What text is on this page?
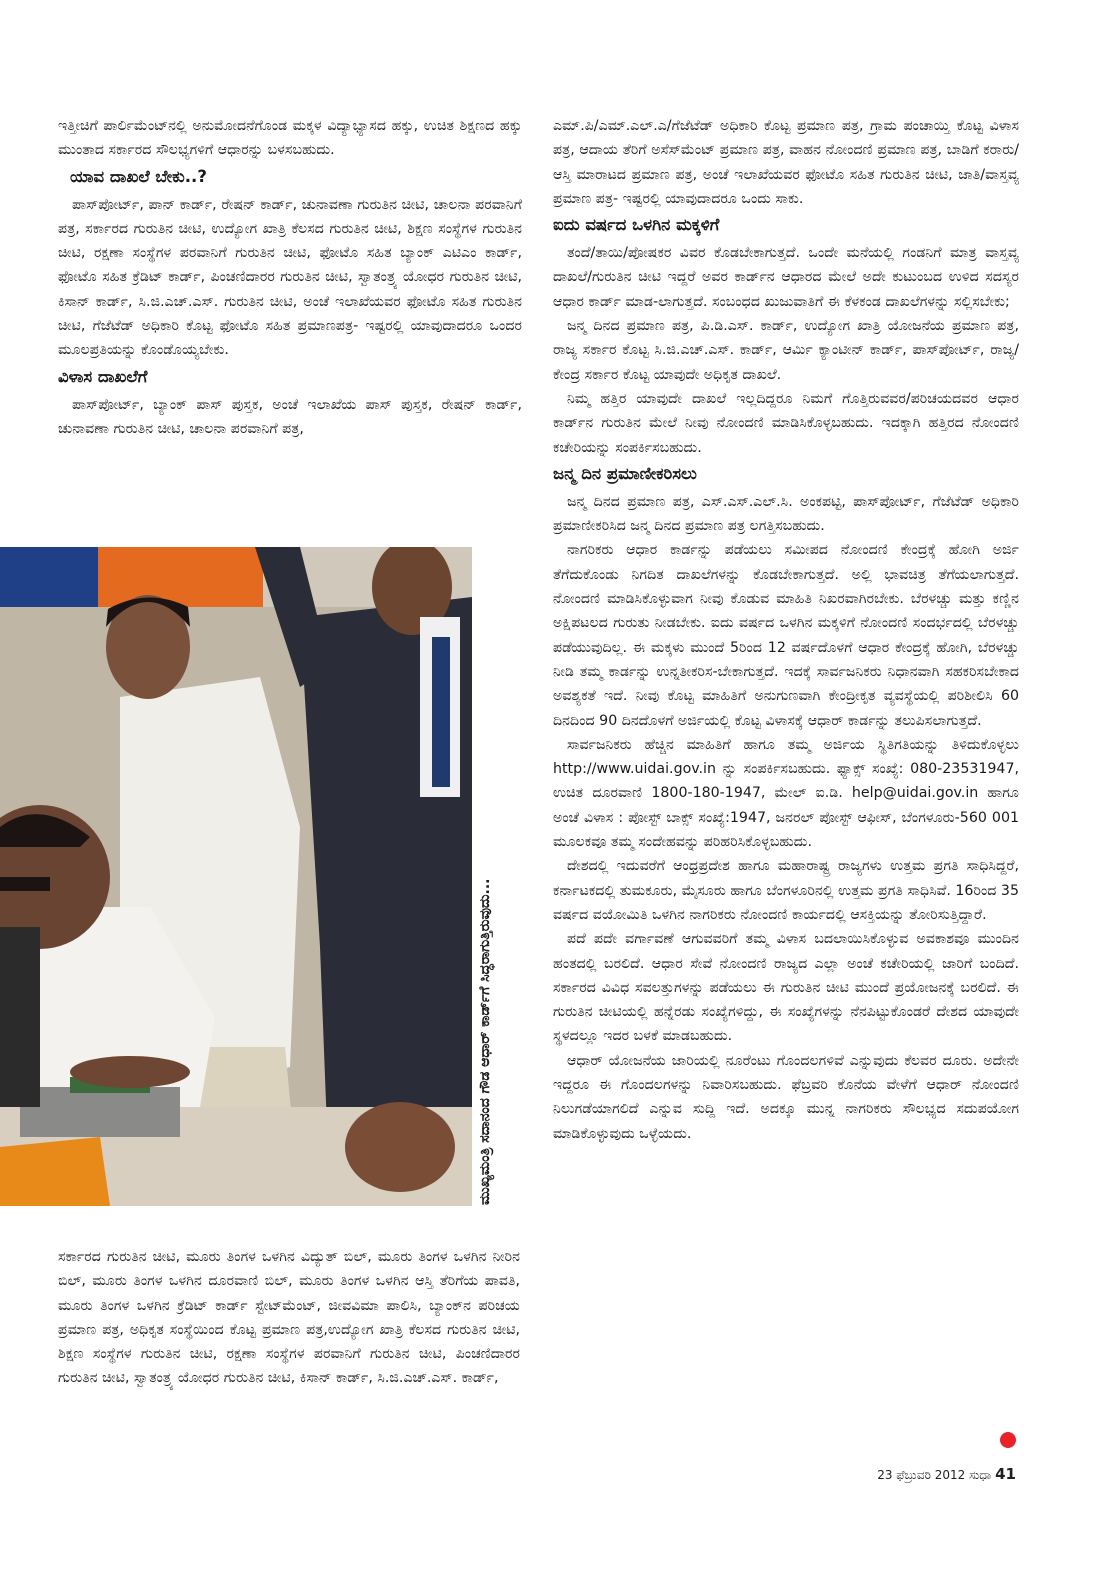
ಇತ್ತೀಚಿಗೆ ಪಾರ್ಲಿಮೆಂಟ್‌ನಲ್ಲಿ ಅನುಮೋದನೆಗೊಂಡ ಮಕ್ಕಳ ವಿದ್ಯಾಭ್ಯಾಸದ ಹಕ್ಕು, ಉಚಿತ ಶಿಕ್ಷಣದ ಹಕ್ಕು ಮುಂತಾದ ಸರ್ಕಾರದ ಸೌಲಭ್ಯಗಳಿಗೆ ಆಧಾರನ್ನು ಬಳಸಬಹುದು.

ಯಾವ ದಾಖಲೆ ಬೇಕು..?

ಪಾಸ್‌ಪೋರ್ಟ್, ಪಾನ್ ಕಾರ್ಡ್, ರೇಷನ್ ಕಾರ್ಡ್, ಚುನಾವಣಾ ಗುರುತಿನ ಚೀಟಿ, ಚಾಲನಾ ಪರವಾನಿಗೆ ಪತ್ರ, ಸರ್ಕಾರದ ಗುರುತಿನ ಚೀಟಿ, ಉದ್ಯೋಗ ಖಾತ್ರಿ ಕೆಲಸದ ಗುರುತಿನ ಚೀಟಿ, ಶಿಕ್ಷಣ ಸಂಸ್ಥೆಗಳ ಗುರುತಿನ ಚೀಟಿ, ರಕ್ಷಣಾ ಸಂಸ್ಥೆಗಳ ಪರವಾನಿಗೆ ಗುರುತಿನ ಚೀಟಿ, ಫೋಟೊ ಸಹಿತ ಬ್ಯಾಂಕ್ ಎಟಿಎಂ ಕಾರ್ಡ್, ಫೋಟೊ ಸಹಿತ ಕ್ರೆಡಿಟ್ ಕಾರ್ಡ್, ಪಿಂಚಣಿದಾರರ ಗುರುತಿನ ಚೀಟಿ, ಸ್ವಾತಂತ್ರ್ಯ ಯೋಧರ ಗುರುತಿನ ಚೀಟಿ, ಕಿಸಾನ್ ಕಾರ್ಡ್, ಸಿ.ಜಿ.ಎಚ್.ಎಸ್. ಗುರುತಿನ ಚೀಟಿ, ಅಂಚೆ ಇಲಾಖೆಯವರ ಫೋಟೊ ಸಹಿತ ಗುರುತಿನ ಚೀಟಿ, ಗೆಜೆಟೆಡ್ ಅಧಿಕಾರಿ ಕೊಟ್ಟ ಫೋಟೊ ಸಹಿತ ಪ್ರಮಾಣಪತ್ರ- ಇಷ್ಟರಲ್ಲಿ ಯಾವುದಾದರೂ ಒಂದರ ಮೂಲಪ್ರತಿಯನ್ನು ಕೊಂಡೊಯ್ಯಬೇಕು.

ವಿಳಾಸ ದಾಖಲೆಗೆ

ಪಾಸ್‌ಪೋರ್ಟ್, ಬ್ಯಾಂಕ್ ಪಾಸ್ ಪುಸ್ತಕ, ಅಂಚೆ ಇಲಾಖೆಯ ಪಾಸ್ ಪುಸ್ತಕ, ರೇಷನ್ ಕಾರ್ಡ್, ಚುನಾವಣಾ ಗುರುತಿನ ಚೀಟಿ, ಚಾಲನಾ ಪರವಾನಿಗೆ ಪತ್ರ,

ಮುಖ್ಯಮಂತ್ರಿ ಸದಾನಂದ ಗೌಡ ಆಧಾರ್ ಕಾರ್ಡ್‌ಗೆ ಸಿದ್ಧರಾಗುತ್ತಿರುವುದು...

ಸರ್ಕಾರದ ಗುರುತಿನ ಚೀಟಿ, ಮೂರು ತಿಂಗಳ ಒಳಗಿನ ವಿದ್ಯುತ್ ಬಿಲ್, ಮೂರು ತಿಂಗಳ ಒಳಗಿನ ನೀರಿನ ಬಿಲ್, ಮೂರು ತಿಂಗಳ ಒಳಗಿನ ದೂರವಾಣಿ ಬಿಲ್, ಮೂರು ತಿಂಗಳ ಒಳಗಿನ ಆಸ್ತಿ ತೆರಿಗೆಯ ಪಾವತಿ, ಮೂರು ತಿಂಗಳ ಒಳಗಿನ ಕ್ರೆಡಿಟ್ ಕಾರ್ಡ್ ಸ್ಟೇಟ್‌ಮೆಂಟ್, ಜೀವವಿಮಾ ಪಾಲಿಸಿ, ಬ್ಯಾಂಕ್‌ನ ಪರಿಚಯ ಪ್ರಮಾಣ ಪತ್ರ, ಅಧಿಕೃತ ಸಂಸ್ಥೆಯಿಂದ ಕೊಟ್ಟ ಪ್ರಮಾಣ ಪತ್ರ,ಉದ್ಯೋಗ ಖಾತ್ರಿ ಕೆಲಸದ ಗುರುತಿನ ಚೀಟಿ, ಶಿಕ್ಷಣ ಸಂಸ್ಥೆಗಳ ಗುರುತಿನ ಚೀಟಿ, ರಕ್ಷಣಾ ಸಂಸ್ಥೆಗಳ ಪರವಾನಿಗೆ ಗುರುತಿನ ಚೀಟಿ, ಪಿಂಚಣಿದಾರರ ಗುರುತಿನ ಚೀಟಿ, ಸ್ವಾತಂತ್ರ್ಯ ಯೋಧರ ಗುರುತಿನ ಚೀಟಿ, ಕಿಸಾನ್ ಕಾರ್ಡ್, ಸಿ.ಜಿ.ಎಚ್.ಎಸ್. ಕಾರ್ಡ್,

ಎಮ್.ಪಿ/ಎಮ್.ಎಲ್.ಎ/ಗೆಜೆಟೆಡ್ ಅಧಿಕಾರಿ ಕೊಟ್ಟ ಪ್ರಮಾಣ ಪತ್ರ, ಗ್ರಾಮ ಪಂಚಾಯ್ತಿ ಕೊಟ್ಟ ವಿಳಾಸ ಪತ್ರ, ಆದಾಯ ತೆರಿಗೆ ಅಸೆಸ್‌ಮೆಂಟ್ ಪ್ರಮಾಣ ಪತ್ರ, ವಾಹನ ನೋಂದಣಿ ಪ್ರಮಾಣ ಪತ್ರ, ಬಾಡಿಗೆ ಕರಾರು/ಆಸ್ತಿ ಮಾರಾಟದ ಪ್ರಮಾಣ ಪತ್ರ, ಅಂಚೆ ಇಲಾಖೆಯವರ ಫೋಟೊ ಸಹಿತ ಗುರುತಿನ ಚೀಟಿ, ಜಾತಿ/ವಾಸ್ತವ್ಯ ಪ್ರಮಾಣ ಪತ್ರ- ಇಷ್ಟರಲ್ಲಿ ಯಾವುದಾದರೂ ಒಂದು ಸಾಕು.

ಐದು ವರ್ಷದ ಒಳಗಿನ ಮಕ್ಕಳಿಗೆ

ತಂದೆ/ತಾಯಿ/ಪೋಷಕರ ವಿವರ ಕೊಡಬೇಕಾಗುತ್ತದೆ. ಒಂದೇ ಮನೆಯಲ್ಲಿ ಗಂಡನಿಗೆ ಮಾತ್ರ ವಾಸ್ತವ್ಯ ದಾಖಲೆ/ಗುರುತಿನ ಚೀಟಿ ಇದ್ದರೆ ಅವರ ಕಾರ್ಡ್‌ನ ಆಧಾರದ ಮೇಲೆ ಅದೇ ಕುಟುಂಬದ ಉಳಿದ ಸದಸ್ಯರ ಆಧಾರ ಕಾರ್ಡ್ ಮಾಡ-ಲಾಗುತ್ತದೆ. ಸಂಬಂಧದ ಖುಜುವಾತಿಗೆ ಈ ಕೆಳಕಂಡ ದಾಖಲೆಗಳನ್ನು ಸಲ್ಲಿಸಬೇಕು;

ಜನ್ಮ ದಿನದ ಪ್ರಮಾಣ ಪತ್ರ, ಪಿ.ಡಿ.ಎಸ್. ಕಾರ್ಡ್, ಉದ್ಯೋಗ ಖಾತ್ರಿ ಯೋಜನೆಯ ಪ್ರಮಾಣ ಪತ್ರ, ರಾಜ್ಯ ಸರ್ಕಾರ ಕೊಟ್ಟ ಸಿ.ಜಿ.ಎಚ್.ಎಸ್. ಕಾರ್ಡ್, ಆರ್ಮಿ ಕ್ಯಾಂಟೀನ್ ಕಾರ್ಡ್, ಪಾಸ್‌ಪೋರ್ಟ್, ರಾಜ್ಯ/ಕೇಂದ್ರ ಸರ್ಕಾರ ಕೊಟ್ಟ ಯಾವುದೇ ಅಧಿಕೃತ ದಾಖಲೆ.

ನಿಮ್ಮ ಹತ್ತಿರ ಯಾವುದೇ ದಾಖಲೆ ಇಲ್ಲದಿದ್ದರೂ ನಿಮಗೆ ಗೊತ್ತಿರುವವರ/ಪರಿಚಯದವರ ಆಧಾರ ಕಾರ್ಡ್‌ನ ಗುರುತಿನ ಮೇಲೆ ನೀವು ನೋಂದಣಿ ಮಾಡಿಸಿಕೊಳ್ಳಬಹುದು. ಇದಕ್ಕಾಗಿ ಹತ್ತಿರದ ನೋಂದಣಿ ಕಚೇರಿಯನ್ನು ಸಂಪರ್ಕಿಸಬಹುದು.

ಜನ್ಮ ದಿನ ಪ್ರಮಾಣೀಕರಿಸಲು

ಜನ್ಮ ದಿನದ ಪ್ರಮಾಣ ಪತ್ರ, ಎಸ್.ಎಸ್.ಎಲ್.ಸಿ. ಅಂಕಪಟ್ಟಿ, ಪಾಸ್‌ಪೋರ್ಟ್, ಗೆಜೆಟೆಡ್ ಅಧಿಕಾರಿ ಪ್ರಮಾಣೀಕರಿಸಿದ ಜನ್ಮ ದಿನದ ಪ್ರಮಾಣ ಪತ್ರ ಲಗತ್ತಿಸಬಹುದು.

ನಾಗರಿಕರು ಆಧಾರ ಕಾರ್ಡನ್ನು ಪಡೆಯಲು ಸಮೀಪದ ನೋಂದಣಿ ಕೇಂದ್ರಕ್ಕೆ ಹೋಗಿ ಅರ್ಜಿ ತೆಗೆದುಕೊಂಡು ನಿಗದಿತ ದಾಖಲೆಗಳನ್ನು ಕೊಡಬೇಕಾಗುತ್ತದೆ. ಅಲ್ಲಿ ಭಾವಚಿತ್ರ ತೆಗೆಯಲಾಗುತ್ತದೆ. ನೋಂದಣಿ ಮಾಡಿಸಿಕೊಳ್ಳುವಾಗ ನೀವು ಕೊಡುವ ಮಾಹಿತಿ ನಿಖರವಾಗಿರಬೇಕು. ಬೆರಳಚ್ಚು ಮತ್ತು ಕಣ್ಣಿನ ಅಕ್ಷಿಪಟಲದ ಗುರುತು ನೀಡಬೇಕು. ಐದು ವರ್ಷದ ಒಳಗಿನ ಮಕ್ಕಳಿಗೆ ನೋಂದಣಿ ಸಂದರ್ಭದಲ್ಲಿ ಬೆರಳಚ್ಚು ಪಡೆಯುವುದಿಲ್ಲ. ಈ ಮಕ್ಕಳು ಮುಂದೆ 5ರಿಂದ 12 ವರ್ಷದೊಳಗೆ ಆಧಾರ ಕೇಂದ್ರಕ್ಕೆ ಹೋಗಿ, ಬೆರಳಚ್ಚು ನೀಡಿ ತಮ್ಮ ಕಾರ್ಡನ್ನು ಉನ್ನತೀಕರಿಸ-ಬೇಕಾಗುತ್ತದೆ. ಇದಕ್ಕೆ ಸಾರ್ವಜನಿಕರು ನಿಧಾನವಾಗಿ ಸಹಕರಿಸಬೇಕಾದ ಅವಶ್ಯಕತೆ ಇದೆ. ನೀವು ಕೊಟ್ಟ ಮಾಹಿತಿಗೆ ಅನುಗುಣವಾಗಿ ಕೇಂದ್ರೀಕೃತ ವ್ಯವಸ್ಥೆಯಲ್ಲಿ ಪರಿಶೀಲಿಸಿ 60 ದಿನದಿಂದ 90 ದಿನದೊಳಗೆ ಅರ್ಜಿಯಲ್ಲಿ ಕೊಟ್ಟ ವಿಳಾಸಕ್ಕೆ ಆಧಾರ್ ಕಾರ್ಡನ್ನು ತಲುಪಿಸಲಾಗುತ್ತದೆ.

ಸಾರ್ವಜನಿಕರು ಹೆಚ್ಚಿನ ಮಾಹಿತಿಗೆ ಹಾಗೂ ತಮ್ಮ ಅರ್ಜಿಯ ಸ್ಥಿತಿಗತಿಯನ್ನು ತಿಳಿದುಕೊಳ್ಳಲು http://www.uidai.gov.in ನ್ನು ಸಂಪರ್ಕಿಸಬಹುದು. ಫ್ಯಾಕ್ಸ್ ಸಂಖ್ಯೆ: 080-23531947, ಉಚಿತ ದೂರವಾಣಿ 1800-180-1947, ಮೇಲ್ ಐ.ಡಿ. help@uidai.gov.in ಹಾಗೂ ಅಂಚೆ ವಿಳಾಸ : ಪೋಸ್ಟ್ ಬಾಕ್ಸ್ ಸಂಖ್ಯೆ:1947, ಜನರಲ್ ಪೋಸ್ಟ್ ಆಫೀಸ್, ಬೆಂಗಳೂರು-560 001 ಮೂಲಕವೂ ತಮ್ಮ ಸಂದೇಹವನ್ನು ಪರಿಹರಿಸಿಕೊಳ್ಳಬಹುದು.

ದೇಶದಲ್ಲಿ ಇದುವರೆಗೆ ಆಂಧ್ರಪ್ರದೇಶ ಹಾಗೂ ಮಹಾರಾಷ್ಟ್ರ ರಾಜ್ಯಗಳು ಉತ್ತಮ ಪ್ರಗತಿ ಸಾಧಿಸಿದ್ದರೆ, ಕರ್ನಾಟಕದಲ್ಲಿ ತುಮಕೂರು, ಮೈಸೂರು ಹಾಗೂ ಬೆಂಗಳೂರಿನಲ್ಲಿ ಉತ್ತಮ ಪ್ರಗತಿ ಸಾಧಿಸಿವೆ. 16ರಿಂದ 35 ವರ್ಷದ ವಯೋಮಿತಿ ಒಳಗಿನ ನಾಗರಿಕರು ನೋಂದಣಿ ಕಾರ್ಯದಲ್ಲಿ ಆಸಕ್ತಿಯನ್ನು ತೋರಿಸುತ್ತಿದ್ದಾರೆ.

ಪದೆ ಪದೇ ವರ್ಗಾವಣೆ ಆಗುವವರಿಗೆ ತಮ್ಮ ವಿಳಾಸ ಬದಲಾಯಿಸಿಕೊಳ್ಳುವ ಅವಕಾಶವೂ ಮುಂದಿನ ಹಂತದಲ್ಲಿ ಬರಲಿದೆ. ಆಧಾರ ಸೇವೆ ನೋಂದಣಿ ರಾಜ್ಯದ ಎಲ್ಲಾ ಅಂಚೆ ಕಚೇರಿಯಲ್ಲಿ ಜಾರಿಗೆ ಬಂದಿದೆ. ಸರ್ಕಾರದ ವಿವಿಧ ಸವಲತ್ತುಗಳನ್ನು ಪಡೆಯಲು ಈ ಗುರುತಿನ ಚೀಟಿ ಮುಂದೆ ಪ್ರಯೋಜನಕ್ಕೆ ಬರಲಿದೆ. ಈ ಗುರುತಿನ ಚೀಟಿಯಲ್ಲಿ ಹನ್ನೆರಡು ಸಂಖ್ಯೆಗಳಿದ್ದು, ಈ ಸಂಖ್ಯೆಗಳನ್ನು ನೆನಪಿಟ್ಟುಕೊಂಡರೆ ದೇಶದ ಯಾವುದೇ ಸ್ಥಳದಲ್ಲೂ ಇದರ ಬಳಕೆ ಮಾಡಬಹುದು.

ಆಧಾರ್ ಯೋಜನೆಯ ಜಾರಿಯಲ್ಲಿ ನೂರೆಂಟು ಗೊಂದಲಗಳಿವೆ ಎನ್ನುವುದು ಕೆಲವರ ದೂರು. ಅದೇನೇ ಇದ್ದರೂ ಈ ಗೊಂದಲಗಳನ್ನು ನಿವಾರಿಸಬಹುದು. ಫೆಬ್ರವರಿ ಕೊನೆಯ ವೇಳೆಗೆ ಆಧಾರ್ ನೋಂದಣಿ ನಿಲುಗಡೆಯಾಗಲಿದೆ ಎನ್ನುವ ಸುದ್ದಿ ಇದೆ. ಅದಕ್ಕೂ ಮುನ್ನ ನಾಗರಿಕರು ಸೌಲಭ್ಯದ ಸದುಪಯೋಗ ಮಾಡಿಕೊಳ್ಳುವುದು ಒಳ್ಳೆಯದು.

23 ಫೆಬ್ರುವರಿ 2012 ಸುಧಾ 41
